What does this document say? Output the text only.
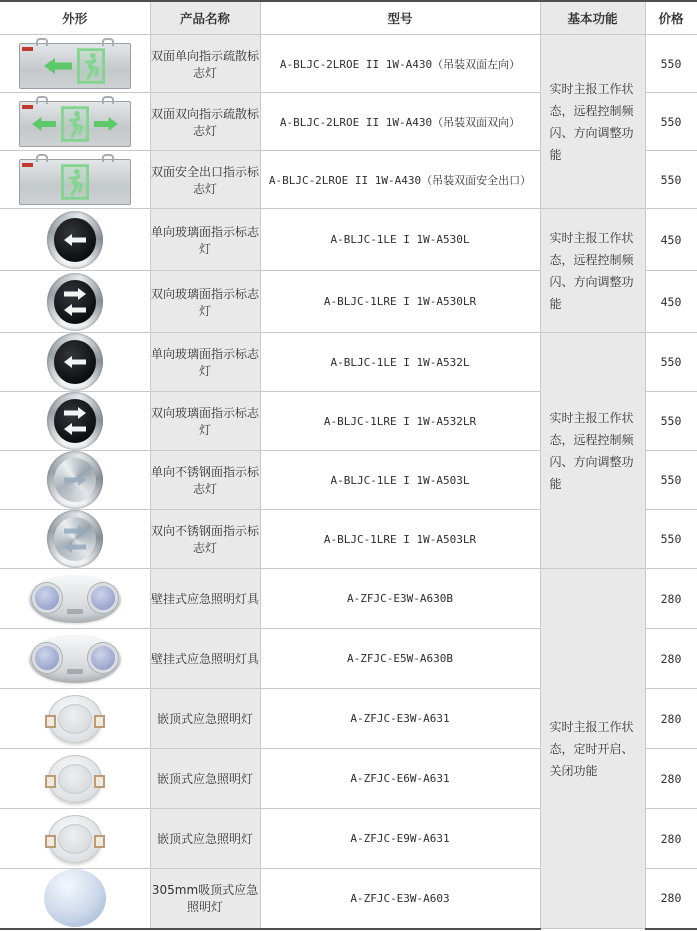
外形	产品名称	型号	基本功能	价格

	双面单向指示疏散标志灯	A-BLJC-2LROE II 1W-A430（吊装双面左向）	实时主报工作状态，远程控制频闪、方向调整功能	550

	双面双向指示疏散标志灯	A-BLJC-2LROE II 1W-A430（吊装双面双向）		550

	双面安全出口指示标志灯	A-BLJC-2LROE II 1W-A430（吊装双面安全出口）		550

	单向玻璃面指示标志灯	A-BLJC-1LE I 1W-A530L	实时主报工作状态，远程控制频闪、方向调整功能	450

	双向玻璃面指示标志灯	A-BLJC-1LRE I 1W-A530LR		450

	单向玻璃面指示标志灯	A-BLJC-1LE I 1W-A532L	实时主报工作状态，远程控制频闪、方向调整功能	550

	双向玻璃面指示标志灯	A-BLJC-1LRE I 1W-A532LR		550

	单向不锈钢面指示标志灯	A-BLJC-1LE I 1W-A503L		550

	双向不锈钢面指示标志灯	A-BLJC-1LRE I 1W-A503LR		550

	壁挂式应急照明灯具	A-ZFJC-E3W-A630B	实时主报工作状态，定时开启、关闭功能	280

	壁挂式应急照明灯具	A-ZFJC-E5W-A630B		280

	嵌顶式应急照明灯	A-ZFJC-E3W-A631		280

	嵌顶式应急照明灯	A-ZFJC-E6W-A631		280

	嵌顶式应急照明灯	A-ZFJC-E9W-A631		280

	305mm吸顶式应急照明灯	A-ZFJC-E3W-A603		280
